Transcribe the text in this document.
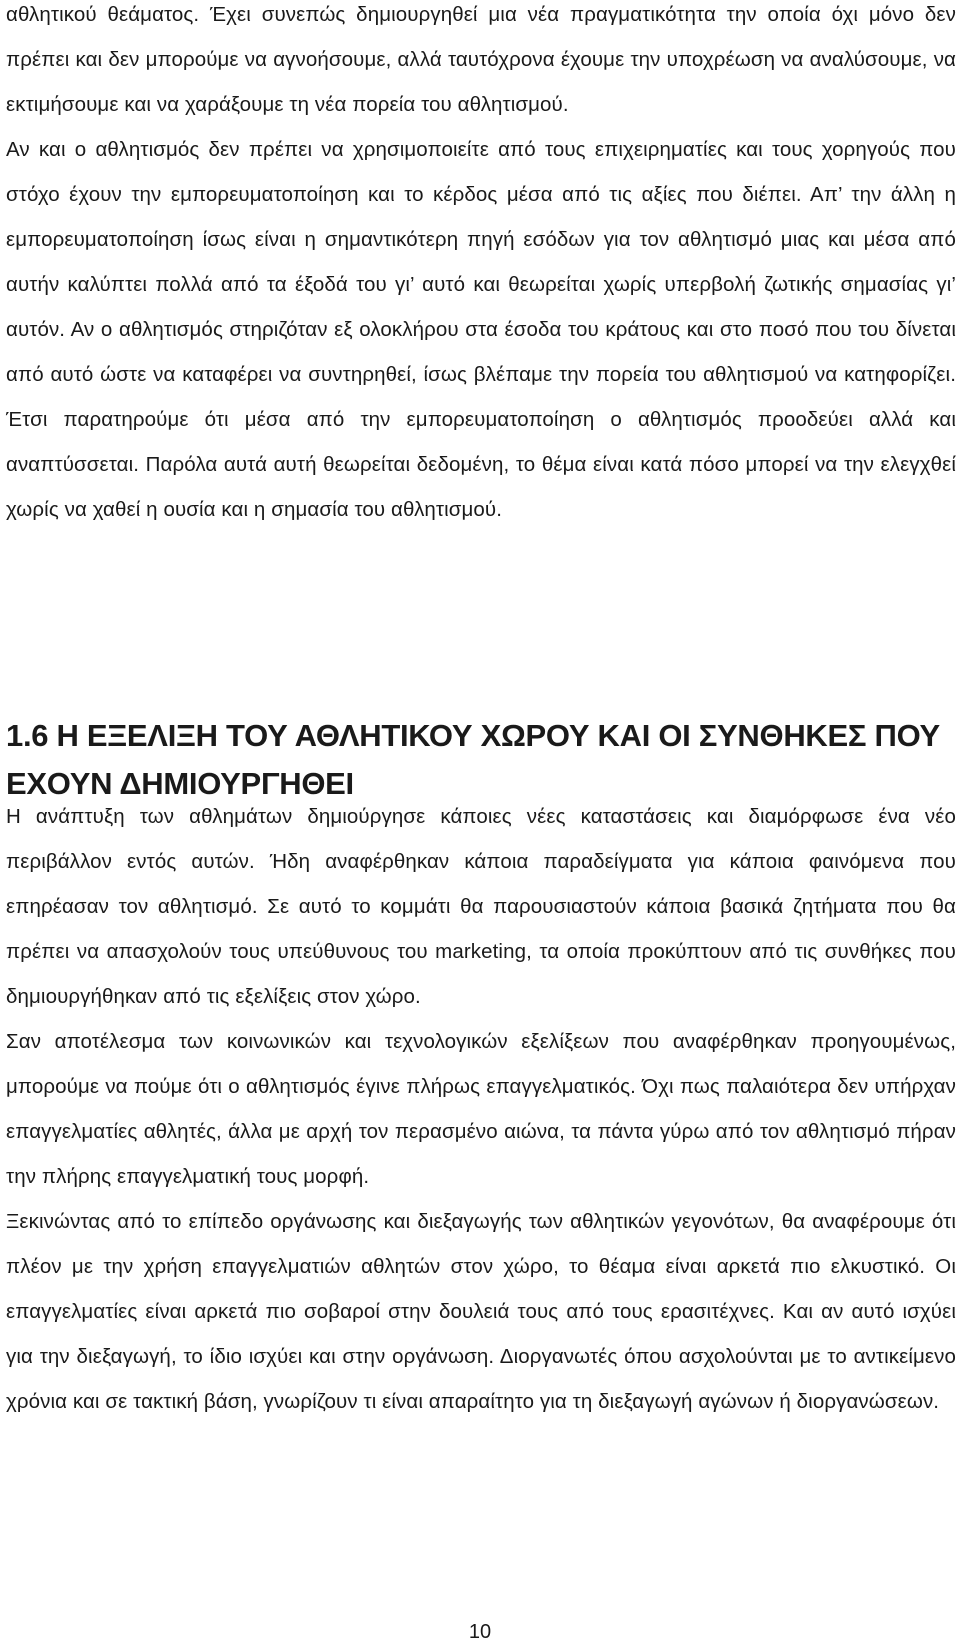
αθλητικού θεάματος. Έχει συνεπώς δημιουργηθεί μια νέα πραγματικότητα την οποία όχι μόνο δεν πρέπει και δεν μπορούμε να αγνοήσουμε, αλλά ταυτόχρονα έχουμε την υποχρέωση να αναλύσουμε, να εκτιμήσουμε και να χαράξουμε τη νέα πορεία του αθλητισμού.

Αν και ο αθλητισμός δεν πρέπει να χρησιμοποιείτε από τους επιχειρηματίες και τους χορηγούς που στόχο έχουν την εμπορευματοποίηση και το κέρδος μέσα από τις αξίες που διέπει. Απ’ την άλλη η εμπορευματοποίηση ίσως είναι η σημαντικότερη πηγή εσόδων για τον αθλητισμό μιας και μέσα από αυτήν καλύπτει πολλά από τα έξοδά του γι’ αυτό και θεωρείται χωρίς υπερβολή ζωτικής σημασίας γι’ αυτόν. Αν ο αθλητισμός στηριζόταν εξ ολοκλήρου στα έσοδα του κράτους και στο ποσό που του δίνεται από αυτό ώστε να καταφέρει να συντηρηθεί, ίσως βλέπαμε την πορεία του αθλητισμού να κατηφορίζει. Έτσι παρατηρούμε ότι μέσα από την εμπορευματοποίηση ο αθλητισμός προοδεύει αλλά και αναπτύσσεται. Παρόλα αυτά αυτή θεωρείται δεδομένη, το θέμα είναι κατά πόσο μπορεί να την ελεγχθεί χωρίς να χαθεί η ουσία και η σημασία του αθλητισμού.

1.6 Η ΕΞΕΛΙΞΗ ΤΟΥ ΑΘΛΗΤΙΚΟΥ ΧΩΡΟΥ ΚΑΙ ΟΙ ΣΥΝΘΗΚΕΣ ΠΟΥ ΕΧΟΥΝ ΔΗΜΙΟΥΡΓΗΘΕΙ

Η ανάπτυξη των αθλημάτων δημιούργησε κάποιες νέες καταστάσεις και διαμόρφωσε ένα νέο περιβάλλον εντός αυτών. Ήδη αναφέρθηκαν κάποια παραδείγματα για κάποια φαινόμενα που επηρέασαν τον αθλητισμό. Σε αυτό το κομμάτι θα παρουσιαστούν κάποια βασικά ζητήματα που θα πρέπει να απασχολούν τους υπεύθυνους του marketing, τα οποία προκύπτουν από τις συνθήκες που δημιουργήθηκαν από τις εξελίξεις στον χώρο.

Σαν αποτέλεσμα των κοινωνικών και τεχνολογικών εξελίξεων που αναφέρθηκαν προηγουμένως, μπορούμε να πούμε ότι ο αθλητισμός έγινε πλήρως επαγγελματικός. Όχι πως παλαιότερα δεν υπήρχαν επαγγελματίες αθλητές, άλλα με αρχή τον περασμένο αιώνα, τα πάντα γύρω από τον αθλητισμό πήραν την πλήρης επαγγελματική τους μορφή.

Ξεκινώντας από το επίπεδο οργάνωσης και διεξαγωγής των αθλητικών γεγονότων, θα αναφέρουμε ότι πλέον με την χρήση επαγγελματιών αθλητών στον χώρο, το θέαμα είναι αρκετά πιο ελκυστικό. Οι επαγγελματίες είναι αρκετά πιο σοβαροί στην δουλειά τους από τους ερασιτέχνες. Και αν αυτό ισχύει για την διεξαγωγή, το ίδιο ισχύει και στην οργάνωση. Διοργανωτές όπου ασχολούνται με το αντικείμενο χρόνια και σε τακτική βάση, γνωρίζουν τι είναι απαραίτητο για τη διεξαγωγή αγώνων ή διοργανώσεων.

10
